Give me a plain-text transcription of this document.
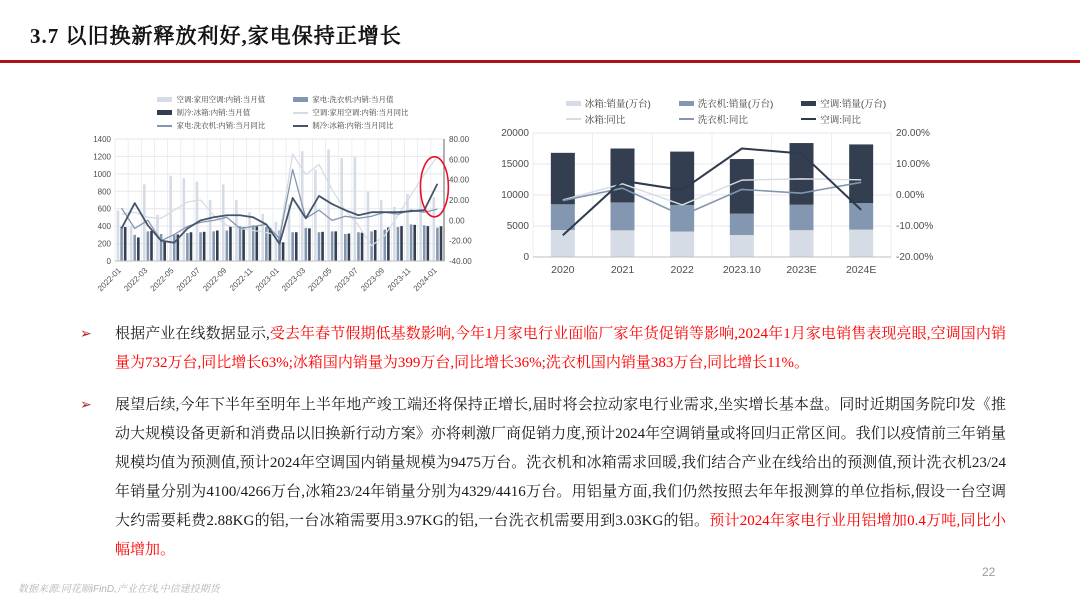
3.7 以旧换新释放利好,家电保持正增长
空调:家用空调:内销:当月值
制冷:冰箱:内销:当月值
家电:洗衣机:内销:当月同比
家电:洗衣机:内销:当月值
空调:家用空调:内销:当月同比
制冷:冰箱:内销:当月同比
0
200
400
600
800
1000
1200
1400
-40.00
-20.00
0.00
20.00
40.00
60.00
80.00
2022-01 2022-03 2022-05 2022-07 2022-09 2022-11 2023-01 2023-03 2023-05 2023-07 2023-09 2023-11 2024-01
冰箱:销量(万台)
冰箱:同比
洗衣机:销量(万台)
洗衣机:同比
空调:销量(万台)
空调:同比
0
5000
10000
15000
20000	20.00%
10.00%
0.00%
-10.00%
-20.00%
2020	2021	2022	2023.10 2023E	2024E
➢ 根据产业在线数据显示,受去年春节假期低基数影响,今年1月家电行业面临厂家年货促销等影响,2024年1月家电销售表现亮眼,空调国内销量为732万台,同比增长63%;冰箱国内销量为399万台,同比增长36%;洗衣机国内销量383万台,同比增长11%。
➢ 展望后续,今年下半年至明年上半年地产竣工端还将保持正增长,届时将会拉动家电行业需求,坐实增长基本盘。同时近期国务院印发《推动大规模设备更新和消费品以旧换新行动方案》亦将刺激厂商促销力度,预计2024年空调销量或将回归正常区间。我们以疫情前三年销量规模均值为预测值,预计2024年空调国内销量规模为9475万台。洗衣机和冰箱需求回暖,我们结合产业在线给出的预测值,预计洗衣机23/24年销量分别为4100/4266万台,冰箱23/24年销量分别为4329/4416万台。用铝量方面,我们仍然按照去年年报测算的单位指标,假设一台空调大约需要耗费2.88KG的铝,一台冰箱需要用3.97KG的铝,一台洗衣机需要用到3.03KG的铝。预计2024年家电行业用铝增加0.4万吨,同比小幅增加。
数据来源:同花顺iFinD,产业在线,中信建投期货
22
